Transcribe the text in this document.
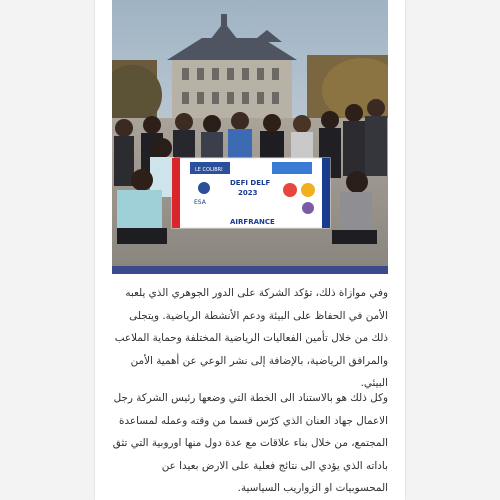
LE COLIBRI
DEFI DELF
2023
ESA
AIRFRANCE

وفي موازاة ذلك، تؤكد الشركة على الدور الجوهري الذي يلعبه الأمن في الحفاظ على البيئة ودعم الأنشطة الرياضية. ويتجلى ذلك من خلال تأمين الفعاليات الرياضية المختلفة وحماية الملاعب والمرافق الرياضية، بالإضافة إلى نشر الوعي عن أهمية الأمن البيئي.

وكل ذلك هو بالاستناد الى الخطة التي وضعها رئيس الشركة رجل الاعمال جهاد العنان الذي كرّس قسما من وقته وعمله لمساعدة المجتمع، من خلال بناء علاقات مع عدة دول منها اوروبية التي تثق باداته الذي يؤدي الى نتائج فعلية على الارض بعيدا عن المحسوبيات او الزواريب السياسية.
